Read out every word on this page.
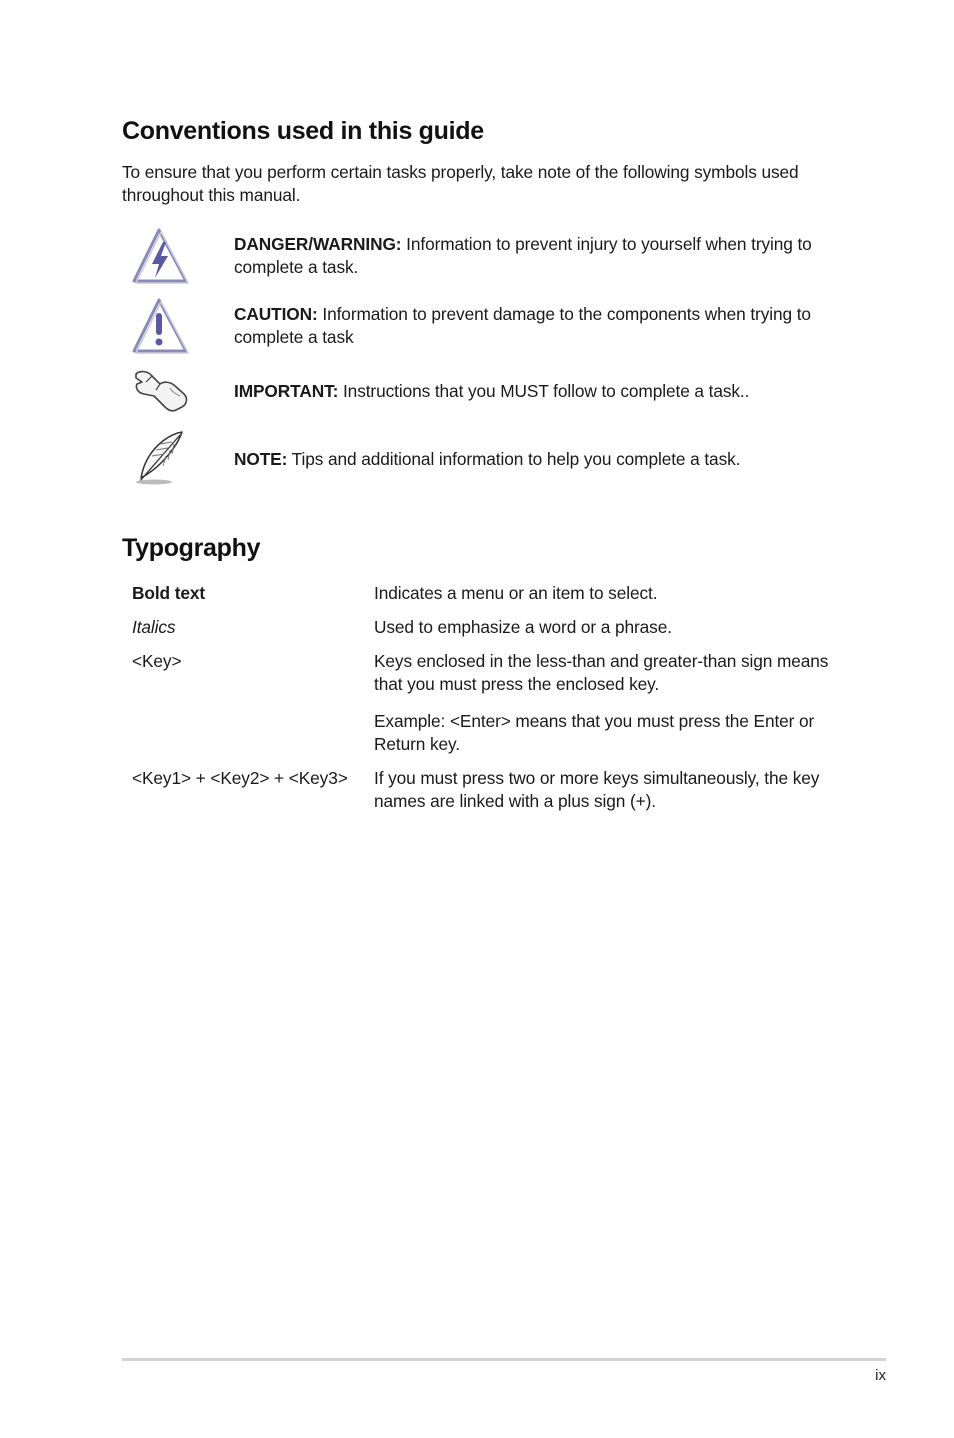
Conventions used in this guide

To ensure that you perform certain tasks properly, take note of the following symbols used throughout this manual.

DANGER/WARNING: Information to prevent injury to yourself when trying to complete a task.

CAUTION: Information to prevent damage to the components when trying to complete a task

IMPORTANT: Instructions that you MUST follow to complete a task..

NOTE: Tips and additional information to help you complete a task.

Typography
Bold text	Indicates a menu or an item to select.
Italics	Used to emphasize a word or a phrase.
<Key>	Keys enclosed in the less-than and greater-than sign means that you must press the enclosed key.
Example: <Enter> means that you must press the Enter or Return key.
<Key1> + <Key2> + <Key3>	If you must press two or more keys simultaneously, the key names are linked with a plus sign (+).
ix
